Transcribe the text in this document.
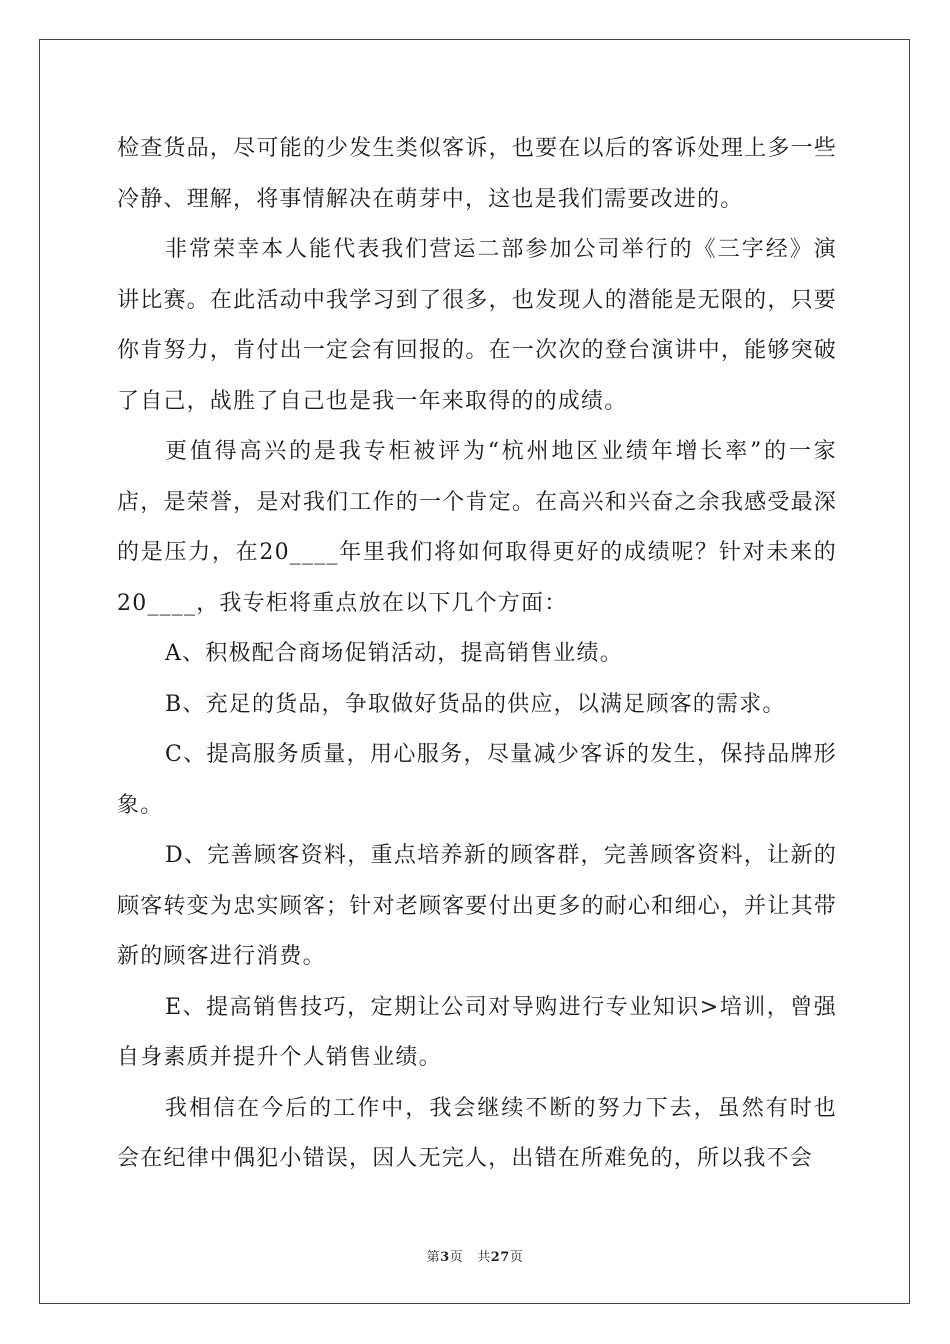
检查货品，尽可能的少发生类似客诉，也要在以后的客诉处理上多一些冷静、理解，将事情解决在萌芽中，这也是我们需要改进的。

非常荣幸本人能代表我们营运二部参加公司举行的《三字经》演讲比赛。在此活动中我学习到了很多，也发现人的潜能是无限的，只要你肯努力，肯付出一定会有回报的。在一次次的登台演讲中，能够突破了自己，战胜了自己也是我一年来取得的的成绩。

更值得高兴的是我专柜被评为“杭州地区业绩年增长率”的一家店，是荣誉，是对我们工作的一个肯定。在高兴和兴奋之余我感受最深的是压力，在20____年里我们将如何取得更好的成绩呢？针对未来的20____，我专柜将重点放在以下几个方面：

A、积极配合商场促销活动，提高销售业绩。

B、充足的货品，争取做好货品的供应，以满足顾客的需求。

C、提高服务质量，用心服务，尽量减少客诉的发生，保持品牌形象。

D、完善顾客资料，重点培养新的顾客群，完善顾客资料，让新的顾客转变为忠实顾客；针对老顾客要付出更多的耐心和细心，并让其带新的顾客进行消费。

E、提高销售技巧，定期让公司对导购进行专业知识>培训，曾强自身素质并提升个人销售业绩。

我相信在今后的工作中，我会继续不断的努力下去，虽然有时也会在纪律中偶犯小错误，因人无完人，出错在所难免的，所以我不会

第3页 共27页
